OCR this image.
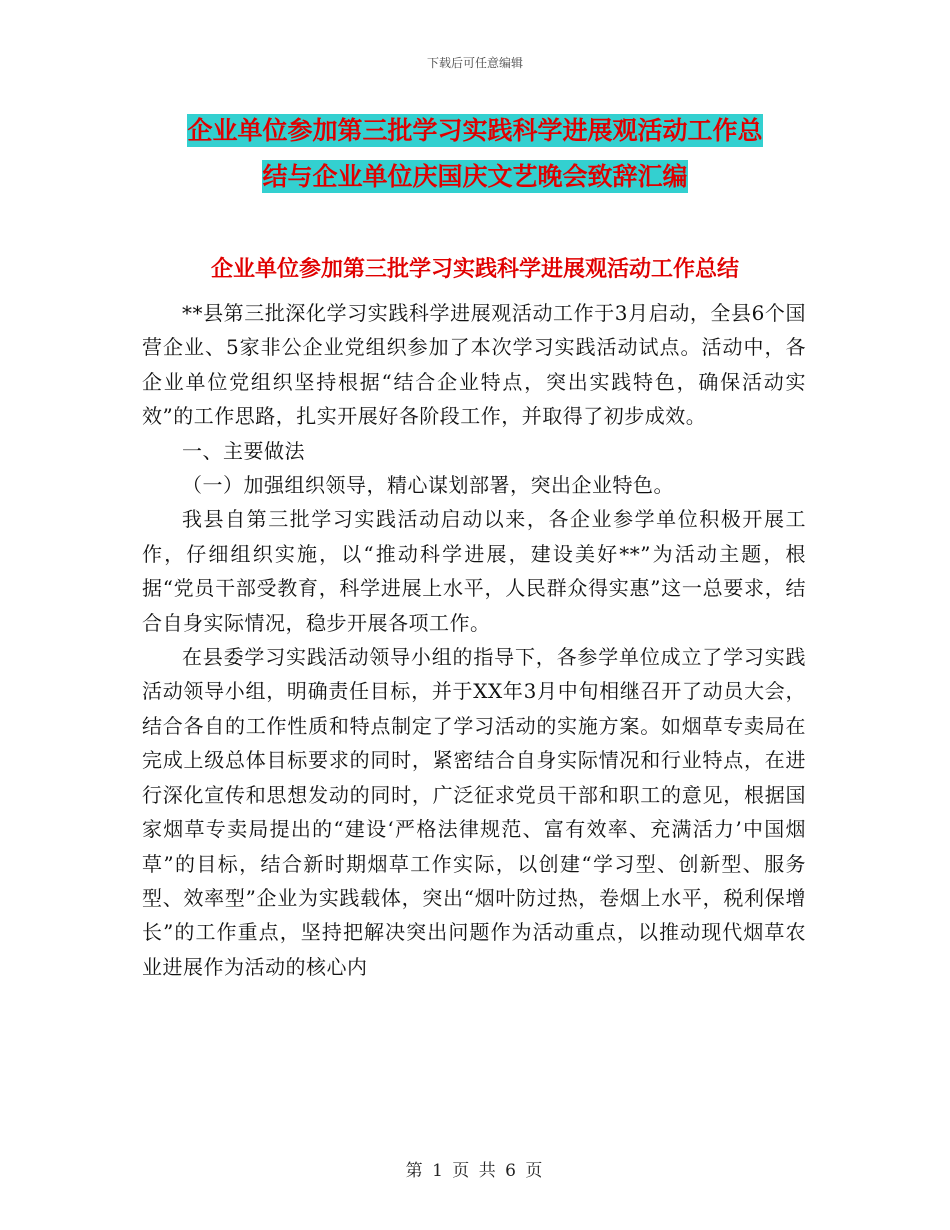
下载后可任意编辑
企业单位参加第三批学习实践科学进展观活动工作总
结与企业单位庆国庆文艺晚会致辞汇编
企业单位参加第三批学习实践科学进展观活动工作总结

**县第三批深化学习实践科学进展观活动工作于3月启动，全县6个国营企业、5家非公企业党组织参加了本次学习实践活动试点。活动中，各企业单位党组织坚持根据“结合企业特点，突出实践特色，确保活动实效”的工作思路，扎实开展好各阶段工作，并取得了初步成效。

一、主要做法

（一）加强组织领导，精心谋划部署，突出企业特色。

我县自第三批学习实践活动启动以来，各企业参学单位积极开展工作，仔细组织实施，以“推动科学进展，建设美好**”为活动主题，根据“党员干部受教育，科学进展上水平，人民群众得实惠”这一总要求，结合自身实际情况，稳步开展各项工作。

在县委学习实践活动领导小组的指导下，各参学单位成立了学习实践活动领导小组，明确责任目标，并于XX年3月中旬相继召开了动员大会，结合各自的工作性质和特点制定了学习活动的实施方案。如烟草专卖局在完成上级总体目标要求的同时，紧密结合自身实际情况和行业特点，在进行深化宣传和思想发动的同时，广泛征求党员干部和职工的意见，根据国家烟草专卖局提出的“建设‘严格法律规范、富有效率、充满活力’中国烟草”的目标，结合新时期烟草工作实际，以创建“学习型、创新型、服务型、效率型”企业为实践载体，突出“烟叶防过热，卷烟上水平，税利保增长”的工作重点，坚持把解决突出问题作为活动重点，以推动现代烟草农业进展作为活动的核心内

第 1 页 共 6 页
